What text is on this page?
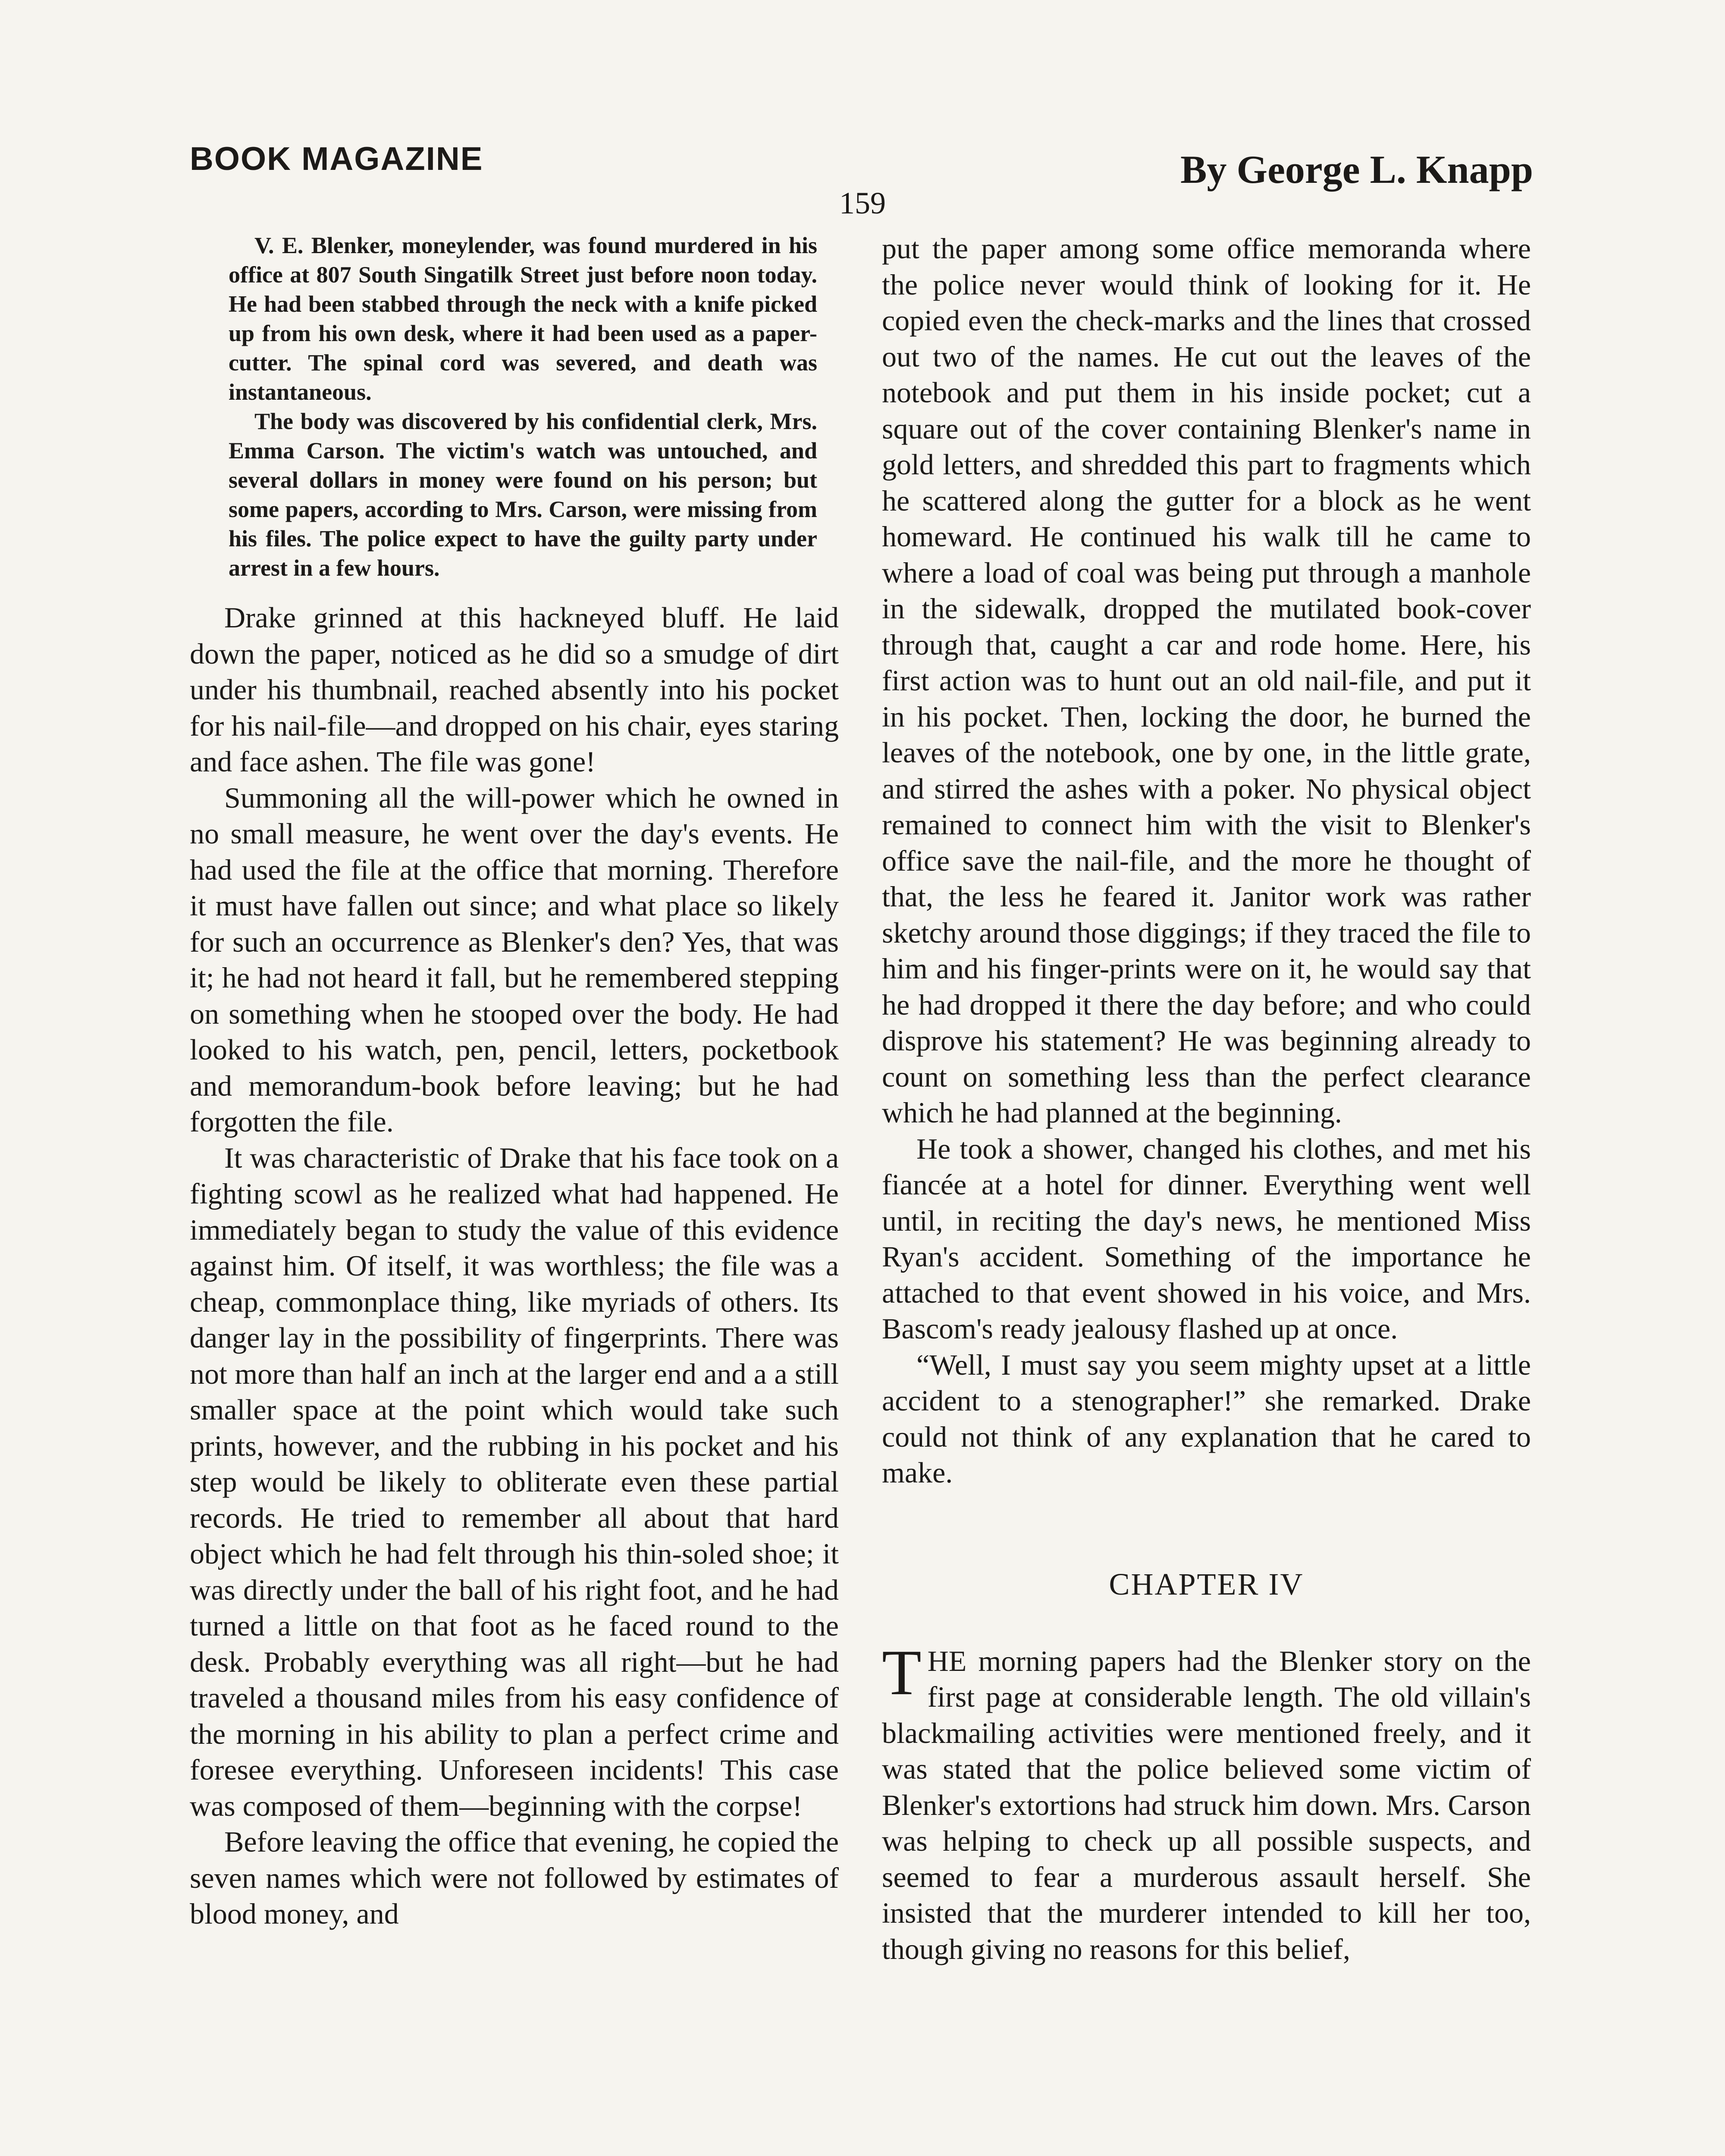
BOOK MAGAZINE	By George L. Knapp
159

V. E. Blenker, moneylender, was found murdered in his office at 807 South Singatilk Street just before noon today. He had been stabbed through the neck with a knife picked up from his own desk, where it had been used as a paper-cutter. The spinal cord was severed, and death was instantaneous.

The body was discovered by his confidential clerk, Mrs. Emma Carson. The victim's watch was untouched, and several dollars in money were found on his person; but some papers, according to Mrs. Carson, were missing from his files. The police expect to have the guilty party under arrest in a few hours.

Drake grinned at this hackneyed bluff. He laid down the paper, noticed as he did so a smudge of dirt under his thumbnail, reached absently into his pocket for his nail-file—and dropped on his chair, eyes staring and face ashen. The file was gone!

Summoning all the will-power which he owned in no small measure, he went over the day's events. He had used the file at the office that morning. Therefore it must have fallen out since; and what place so likely for such an occurrence as Blenker's den? Yes, that was it; he had not heard it fall, but he remembered stepping on something when he stooped over the body. He had looked to his watch, pen, pencil, letters, pocketbook and memorandum-book before leaving; but he had forgotten the file.

It was characteristic of Drake that his face took on a fighting scowl as he realized what had happened. He immediately began to study the value of this evidence against him. Of itself, it was worthless; the file was a cheap, commonplace thing, like myriads of others. Its danger lay in the possibility of fingerprints. There was not more than half an inch at the larger end and a a still smaller space at the point which would take such prints, however, and the rubbing in his pocket and his step would be likely to obliterate even these partial records. He tried to remember all about that hard object which he had felt through his thin-soled shoe; it was directly under the ball of his right foot, and he had turned a little on that foot as he faced round to the desk. Probably everything was all right—but he had traveled a thousand miles from his easy confidence of the morning in his ability to plan a perfect crime and foresee everything. Unforeseen incidents! This case was composed of them—beginning with the corpse!

Before leaving the office that evening, he copied the seven names which were not followed by estimates of blood money, and

put the paper among some office memoranda where the police never would think of looking for it. He copied even the check-marks and the lines that crossed out two of the names. He cut out the leaves of the notebook and put them in his inside pocket; cut a square out of the cover containing Blenker's name in gold letters, and shredded this part to fragments which he scattered along the gutter for a block as he went homeward. He continued his walk till he came to where a load of coal was being put through a manhole in the sidewalk, dropped the mutilated book-cover through that, caught a car and rode home. Here, his first action was to hunt out an old nail-file, and put it in his pocket. Then, locking the door, he burned the leaves of the notebook, one by one, in the little grate, and stirred the ashes with a poker. No physical object remained to connect him with the visit to Blenker's office save the nail-file, and the more he thought of that, the less he feared it. Janitor work was rather sketchy around those diggings; if they traced the file to him and his finger-prints were on it, he would say that he had dropped it there the day before; and who could disprove his statement? He was beginning already to count on something less than the perfect clearance which he had planned at the beginning.

He took a shower, changed his clothes, and met his fiancée at a hotel for dinner. Everything went well until, in reciting the day's news, he mentioned Miss Ryan's accident. Something of the importance he attached to that event showed in his voice, and Mrs. Bascom's ready jealousy flashed up at once.

“Well, I must say you seem mighty upset at a little accident to a stenographer!” she remarked. Drake could not think of any explanation that he cared to make.

CHAPTER IV

THE morning papers had the Blenker story on the first page at considerable length. The old villain's blackmailing activities were mentioned freely, and it was stated that the police believed some victim of Blenker's extortions had struck him down. Mrs. Carson was helping to check up all possible suspects, and seemed to fear a murderous assault herself. She insisted that the murderer intended to kill her too, though giving no reasons for this belief,
